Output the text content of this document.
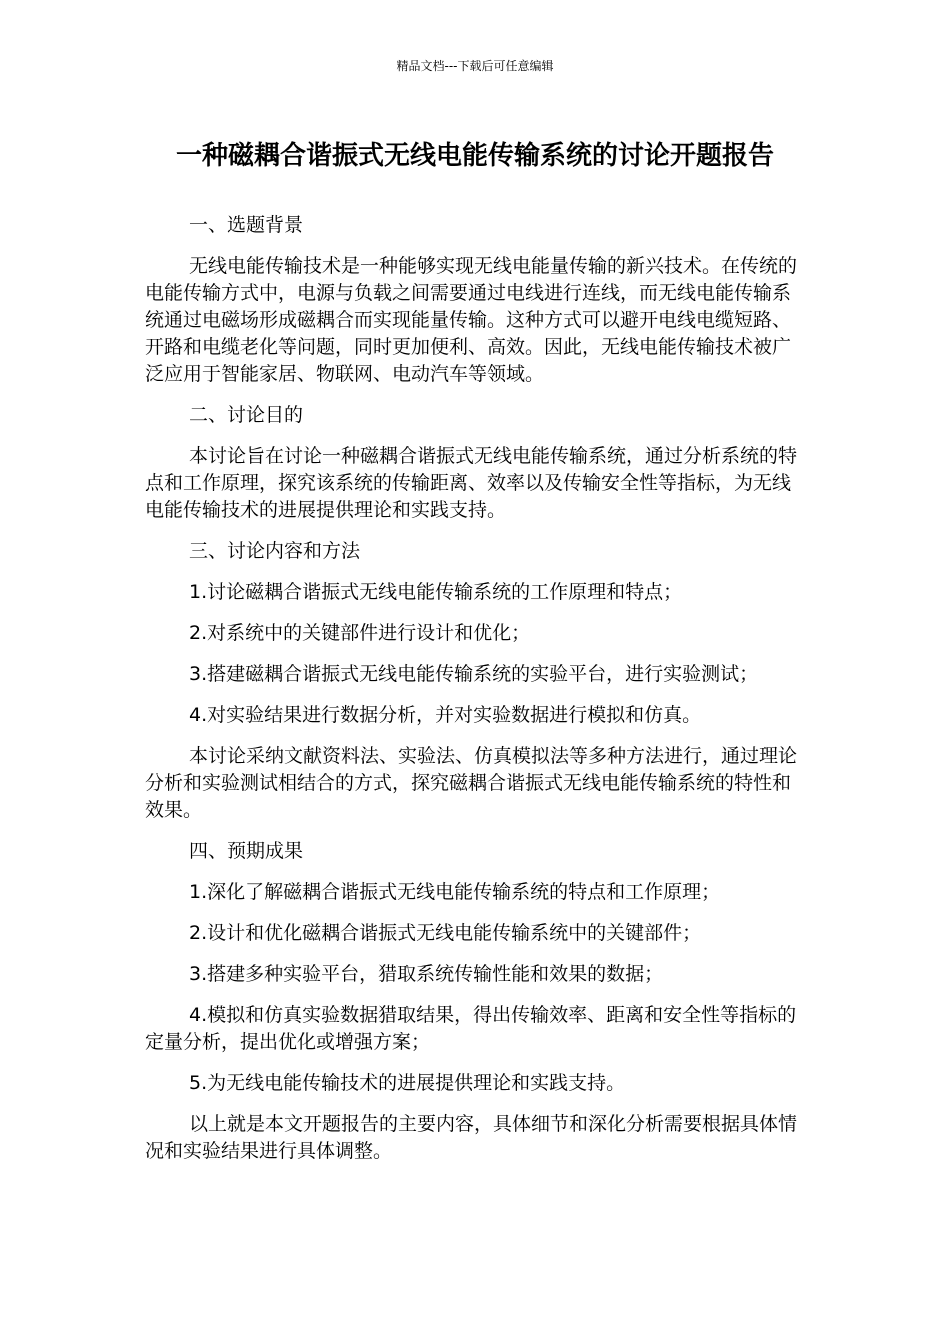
精品文档---下载后可任意编辑
一种磁耦合谐振式无线电能传输系统的讨论开题报告

一、选题背景

无线电能传输技术是一种能够实现无线电能量传输的新兴技术。在传统的电能传输方式中，电源与负载之间需要通过电线进行连线，而无线电能传输系统通过电磁场形成磁耦合而实现能量传输。这种方式可以避开电线电缆短路、开路和电缆老化等问题，同时更加便利、高效。因此，无线电能传输技术被广泛应用于智能家居、物联网、电动汽车等领域。

二、讨论目的

本讨论旨在讨论一种磁耦合谐振式无线电能传输系统，通过分析系统的特点和工作原理，探究该系统的传输距离、效率以及传输安全性等指标，为无线电能传输技术的进展提供理论和实践支持。

三、讨论内容和方法

1.讨论磁耦合谐振式无线电能传输系统的工作原理和特点；

2.对系统中的关键部件进行设计和优化；

3.搭建磁耦合谐振式无线电能传输系统的实验平台，进行实验测试；

4.对实验结果进行数据分析，并对实验数据进行模拟和仿真。

本讨论采纳文献资料法、实验法、仿真模拟法等多种方法进行，通过理论分析和实验测试相结合的方式，探究磁耦合谐振式无线电能传输系统的特性和效果。

四、预期成果

1.深化了解磁耦合谐振式无线电能传输系统的特点和工作原理；

2.设计和优化磁耦合谐振式无线电能传输系统中的关键部件；

3.搭建多种实验平台，猎取系统传输性能和效果的数据；

4.模拟和仿真实验数据猎取结果，得出传输效率、距离和安全性等指标的定量分析，提出优化或增强方案；

5.为无线电能传输技术的进展提供理论和实践支持。

以上就是本文开题报告的主要内容，具体细节和深化分析需要根据具体情况和实验结果进行具体调整。
